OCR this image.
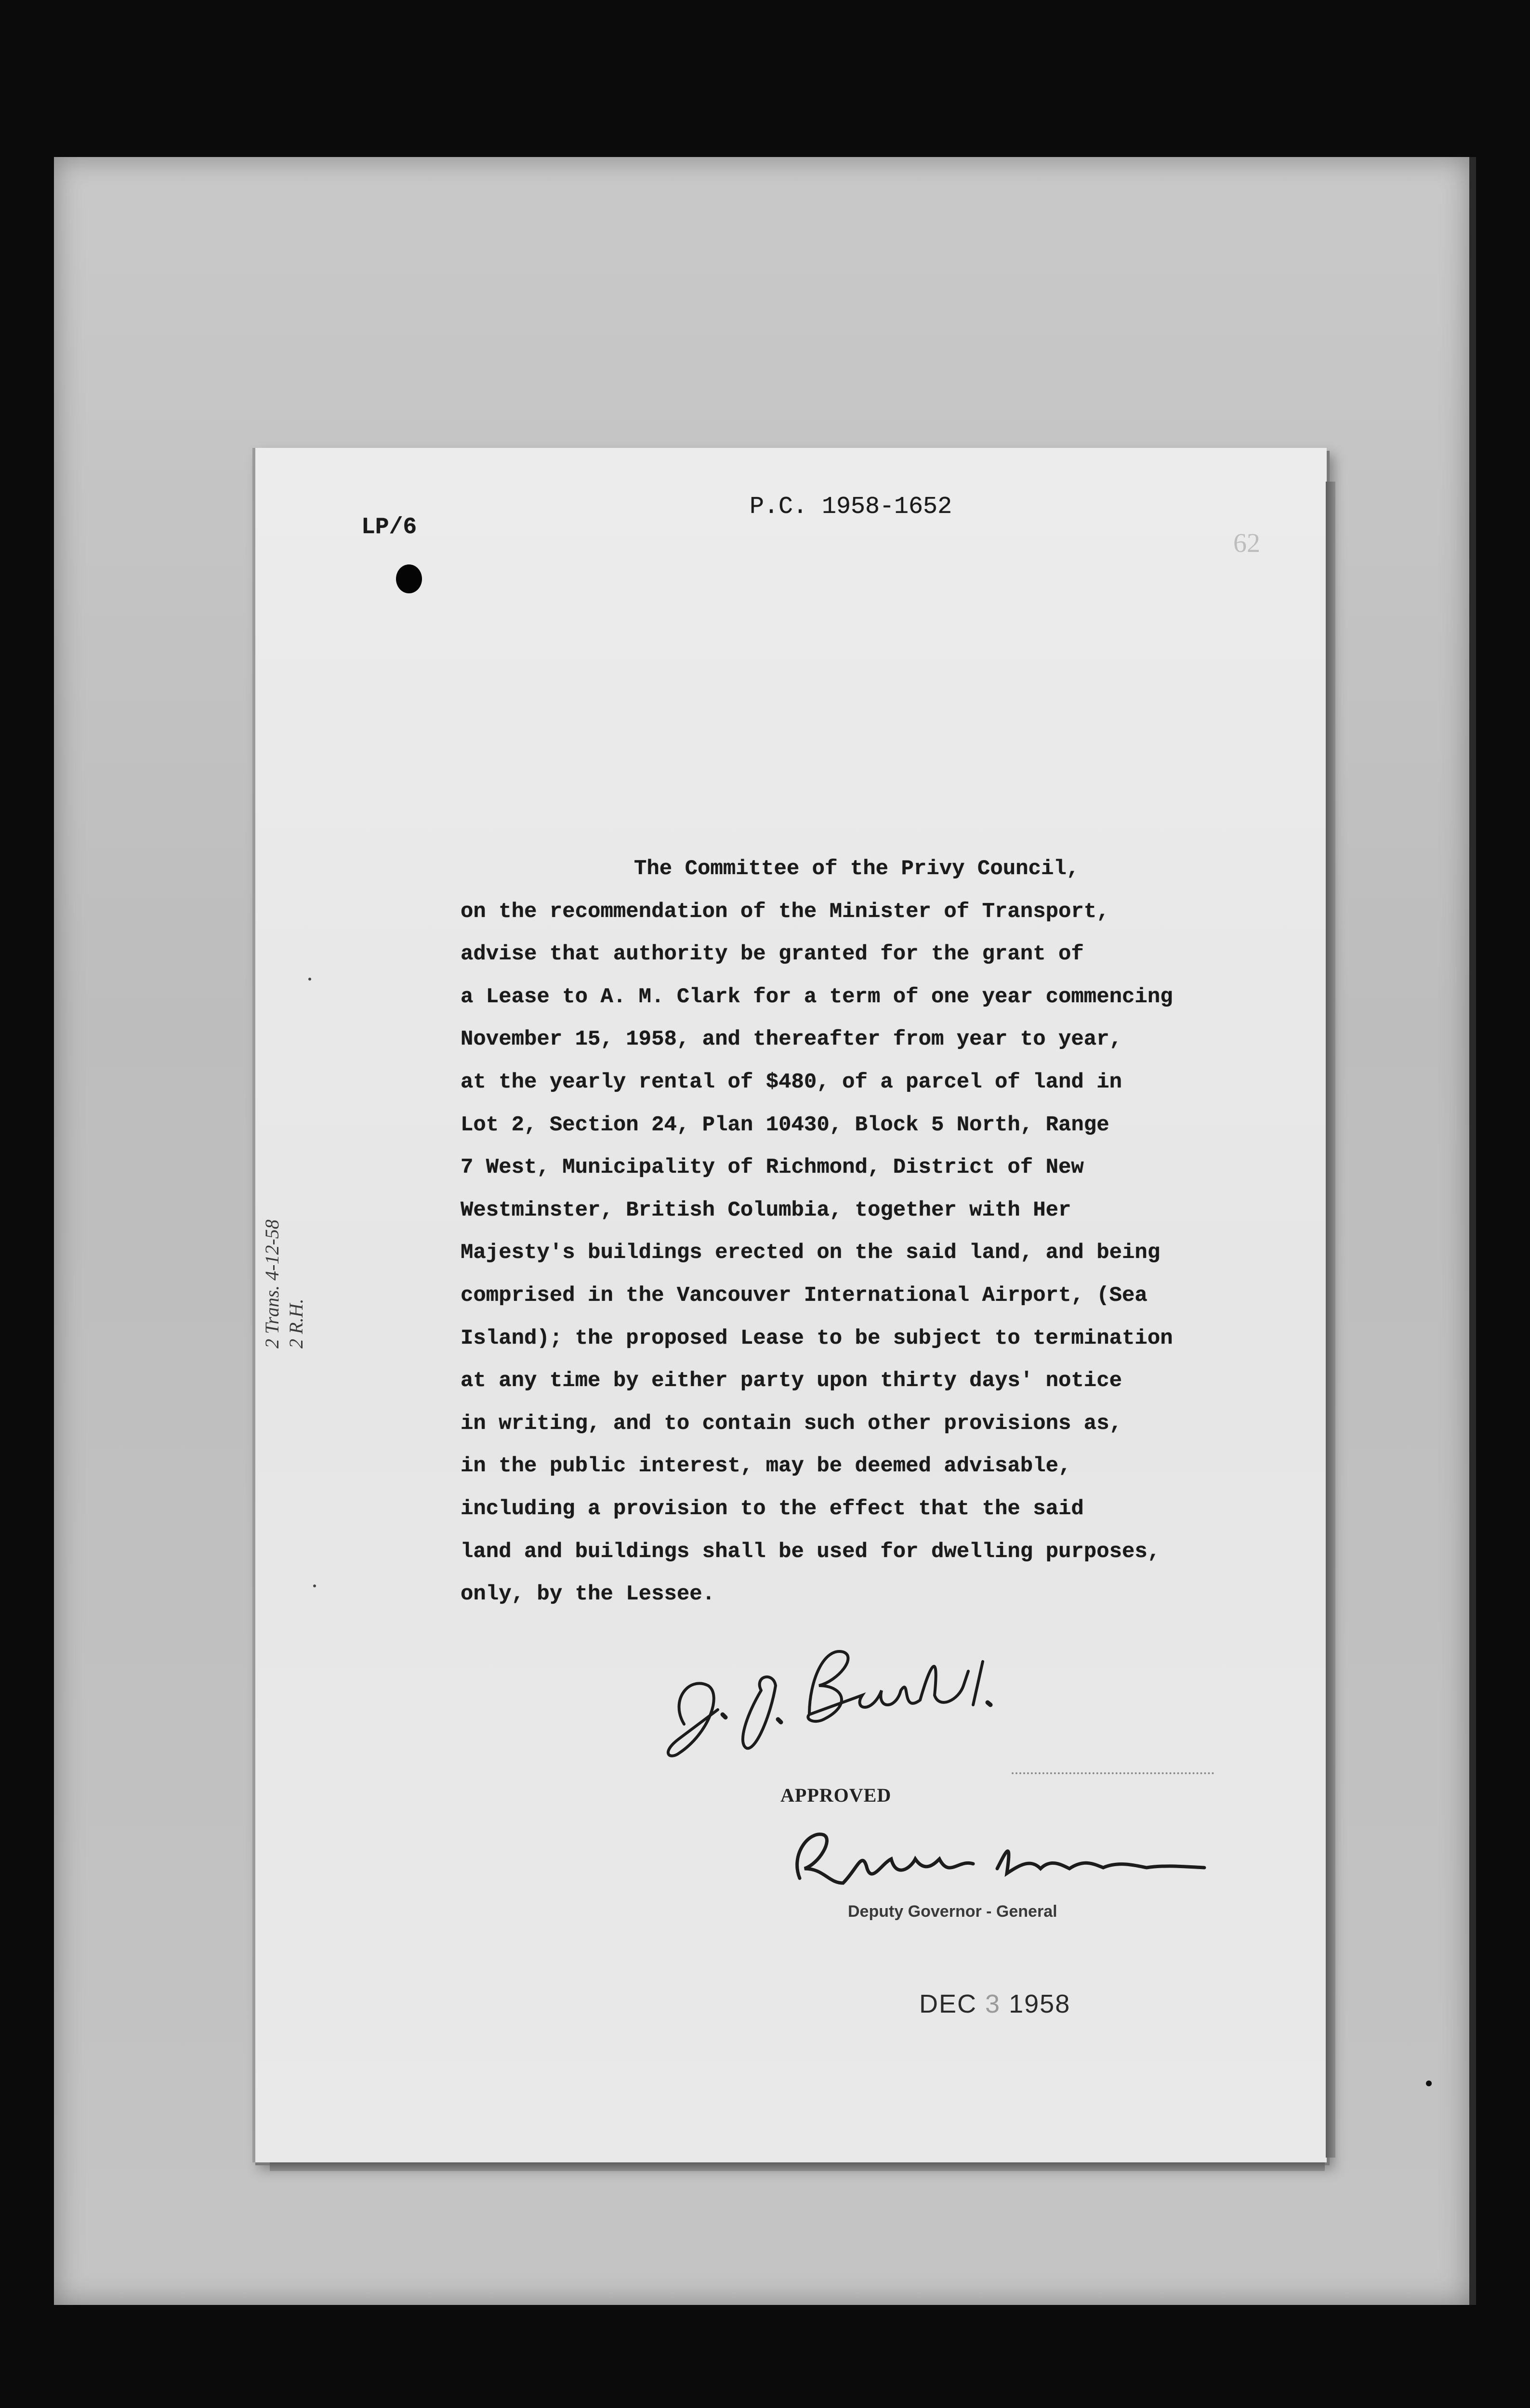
LP/6
P.C. 1958-1652
62
The Committee of the Privy Council,
on the recommendation of the Minister of Transport,
advise that authority be granted for the grant of
a Lease to A. M. Clark for a term of one year commencing
November 15, 1958, and thereafter from year to year,
at the yearly rental of $480, of a parcel of land in
Lot 2, Section 24, Plan 10430, Block 5 North, Range
7 West, Municipality of Richmond, District of New
Westminster, British Columbia, together with Her
Majesty's buildings erected on the said land, and being
comprised in the Vancouver International Airport, (Sea
Island); the proposed Lease to be subject to termination
at any time by either party upon thirty days' notice
in writing, and to contain such other provisions as,
in the public interest, may be deemed advisable,
including a provision to the effect that the said
land and buildings shall be used for dwelling purposes,
only, by the Lessee.
2 Trans. 4-12-58 2 R.H.
APPROVED
Deputy Governor - General
DEC 3 1958
